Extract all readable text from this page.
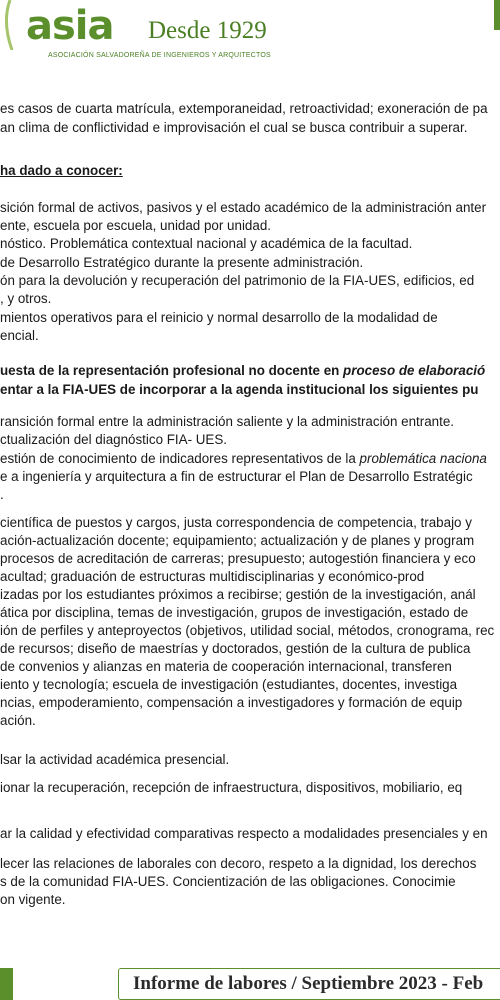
asia Desde 1929
ASOCIACIÓN SALVADOREÑA DE INGENIEROS Y ARQUITECTOS
es casos de cuarta matrícula, extemporaneidad, retroactividad; exoneración de pa
an clima de conflictividad e improvisación el cual se busca contribuir a superar.
ha dado a conocer:
sición formal de activos, pasivos y el estado académico de la administración anter
ente, escuela por escuela, unidad por unidad.
nóstico. Problemática contextual nacional y académica de la facultad.
de Desarrollo Estratégico durante la presente administración.
ón para la devolución y recuperación del patrimonio de la FIA-UES, edificios, ed
, y otros.
mientos operativos para el reinicio y normal desarrollo de la modalidad de
encial.
uesta de la representación profesional no docente en proceso de elaboració
entar a la FIA-UES de incorporar a la agenda institucional los siguientes pu
ransición formal entre la administración saliente y la administración entrante.
ctualización del diagnóstico FIA- UES.
estión de conocimiento de indicadores representativos de la problemática naciona
e a ingeniería y arquitectura a fin de estructurar el Plan de Desarrollo Estratégic
.
científica de puestos y cargos, justa correspondencia de competencia, trabajo y
ación-actualización docente; equipamiento; actualización y de planes y program
procesos de acreditación de carreras; presupuesto; autogestión financiera y eco
acultad; graduación de estructuras multidisciplinarias y económico-prod
izadas por los estudiantes próximos a recibirse; gestión de la investigación, anál
ática por disciplina, temas de investigación, grupos de investigación, estado de
ión de perfiles y anteproyectos (objetivos, utilidad social, métodos, cronograma, rec
de recursos; diseño de maestrías y doctorados, gestión de la cultura de publica
de convenios y alianzas en materia de cooperación internacional, transferen
iento y tecnología; escuela de investigación (estudiantes, docentes, investiga
ncias, empoderamiento, compensación a investigadores y formación de equip
ación.
lsar la actividad académica presencial.
ionar la recuperación, recepción de infraestructura, dispositivos, mobiliario, eq
ar la calidad y efectividad comparativas respecto a modalidades presenciales y en
lecer las relaciones de laborales con decoro, respeto a la dignidad, los derechos
s de la comunidad FIA-UES. Concientización de las obligaciones. Conocimie
on vigente.
Informe de labores / Septiembre 2023 - Feb
